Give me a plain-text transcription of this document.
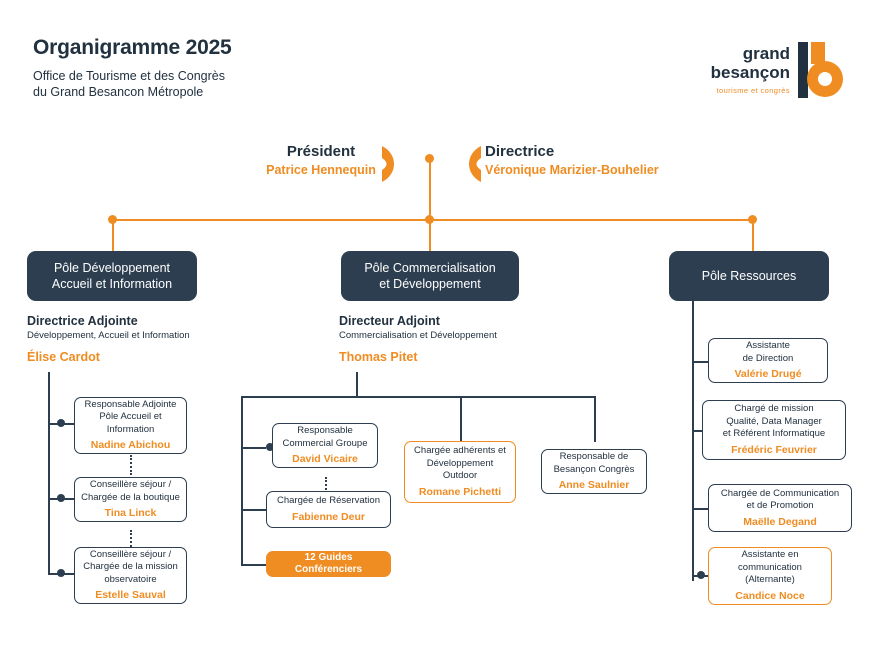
Organigramme 2025
Office de Tourisme et des Congrès
du Grand Besancon Métropole
grand
besançon
tourisme et congrès
Président
Patrice Hennequin
Directrice
Véronique Marizier-Bouhelier
Pôle Développement
Accueil et Information
Pôle Commercialisation
et Développement
Pôle Ressources
Directrice Adjointe
Développement, Accueil et Information
Élise Cardot
Directeur Adjoint
Commercialisation et Développement
Thomas Pitet
Responsable Adjointe
Pôle Accueil et
Information
Nadine Abichou
Conseillère séjour /
Chargée de la boutique
Tina Linck
Conseillère séjour /
Chargée de la mission
observatoire
Estelle Sauval
Responsable
Commercial Groupe
David Vicaire
Chargée de Réservation
Fabienne Deur
12 Guides Conférenciers
Chargée adhérents et
Développement
Outdoor
Romane Pichetti
Responsable de
Besançon Congrès
Anne Saulnier
Assistante
de Direction
Valérie Drugé
Chargé de mission
Qualité, Data Manager
et Référent Informatique
Frédéric Feuvrier
Chargée de Communication
et de Promotion
Maëlle Degand
Assistante en
communication
(Alternante)
Candice Noce
